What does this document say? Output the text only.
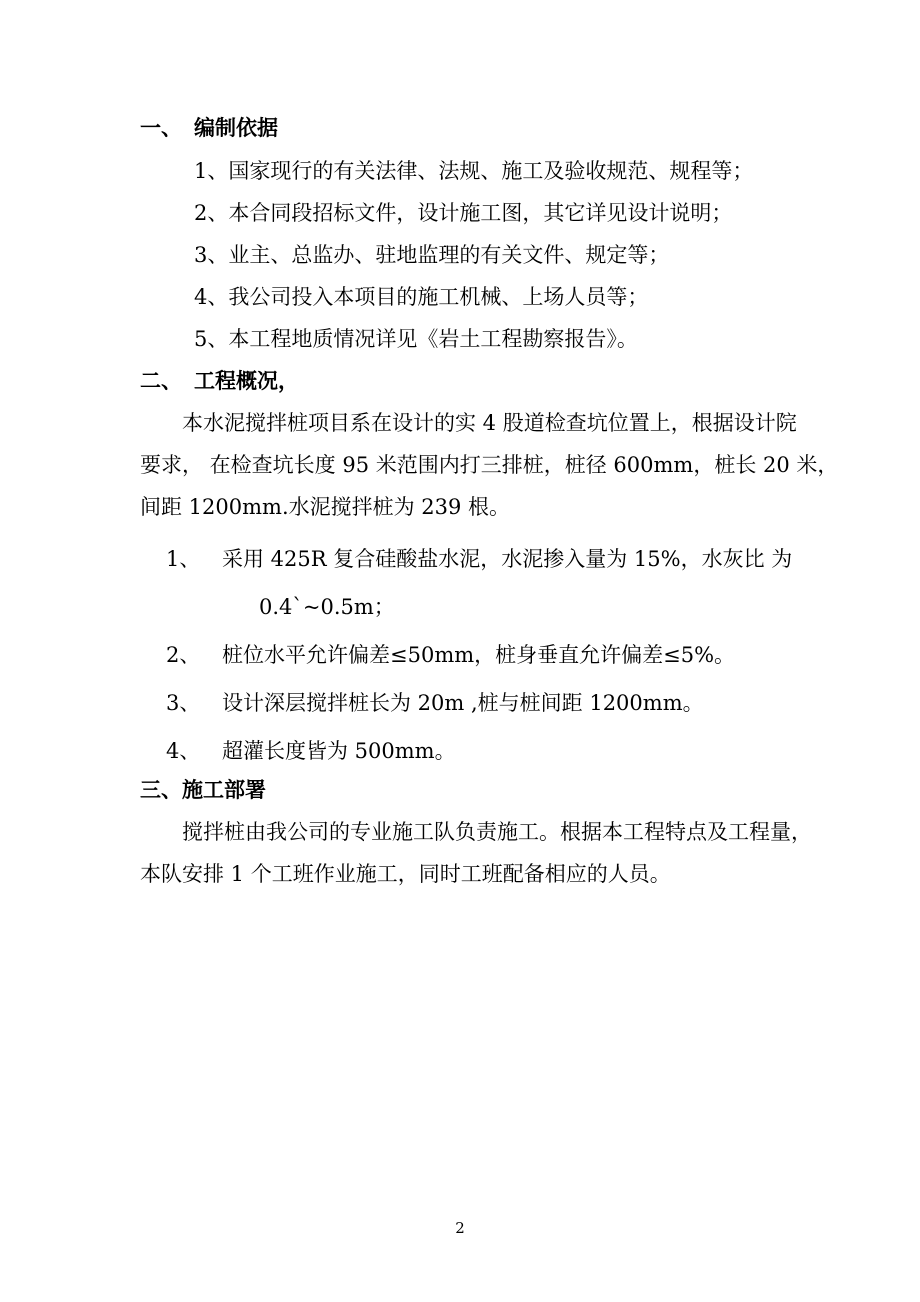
一、 编制依据
1、国家现行的有关法律、法规、施工及验收规范、规程等；
2、本合同段招标文件，设计施工图，其它详见设计说明；
3、业主、总监办、驻地监理的有关文件、规定等；
4、我公司投入本项目的施工机械、上场人员等；
5、本工程地质情况详见《岩土工程勘察报告》。
二、 工程概况，
本水泥搅拌桩项目系在设计的实 4 股道检查坑位置上，根据设计院
要求， 在检查坑长度 95 米范围内打三排桩，桩径 600mm，桩长 20 米，
间距 1200mm.水泥搅拌桩为 239 根。
1、 采用 425R 复合硅酸盐水泥，水泥掺入量为 15%，水灰比 为
0.4`~0.5m；
2、 桩位水平允许偏差≤50mm，桩身垂直允许偏差≤5%。
3、 设计深层搅拌桩长为 20m ,桩与桩间距 1200mm。
4、 超灌长度皆为 500mm。
三、施工部署
搅拌桩由我公司的专业施工队负责施工。根据本工程特点及工程量，
本队安排 1 个工班作业施工，同时工班配备相应的人员。
2
